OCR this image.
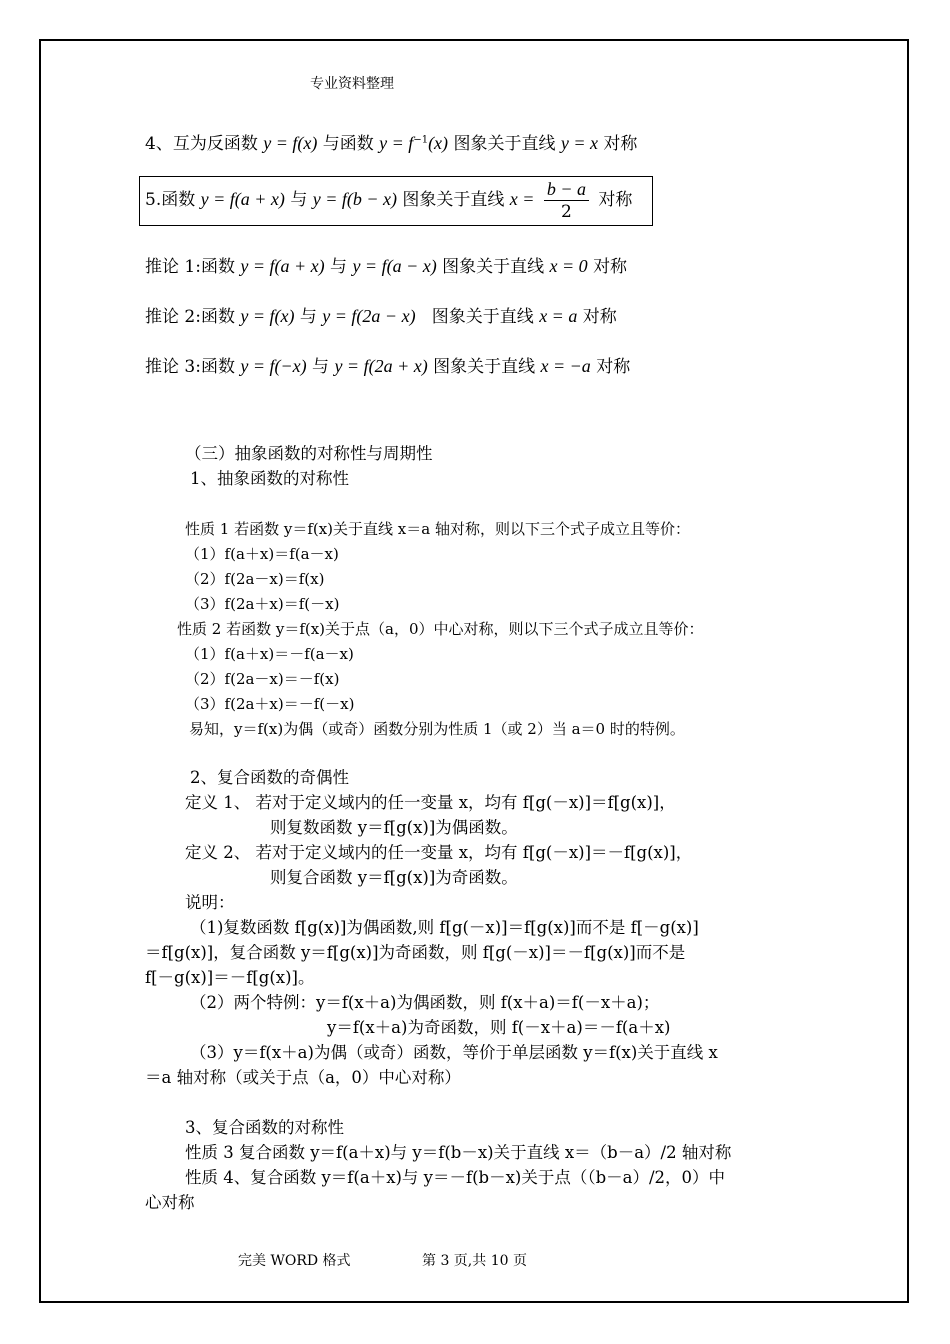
专业资料整理
4、互为反函数 y = f(x) 与函数 $y = f^{-1}(x)$ 图象关于直线 y = x 对称
5.函数 y = f(a + x) 与 y = f(b − x) 图象关于直线 $x = \frac{b - a}{2}$ 对称
推论 1:函数 y = f(a + x) 与 y = f(a − x) 图象关于直线 x = 0 对称
推论 2:函数 y = f(x) 与 y = f(2a − x) 图象关于直线 x = a 对称
推论 3:函数 y = f(−x) 与 y = f(2a + x) 图象关于直线 x = −a 对称
（三）抽象函数的对称性与周期性
1、抽象函数的对称性
性质 1 若函数 y＝f(x)关于直线 x＝a 轴对称，则以下三个式子成立且等价：
（1）f(a＋x)＝f(a－x)
（2）f(2a－x)＝f(x)
（3）f(2a＋x)＝f(－x)
性质 2 若函数 y＝f(x)关于点（a，0）中心对称，则以下三个式子成立且等价：
（1）f(a＋x)＝－f(a－x)
（2）f(2a－x)＝－f(x)
（3）f(2a＋x)＝－f(－x)
易知，y＝f(x)为偶（或奇）函数分别为性质 1（或 2）当 a＝0 时的特例。
2、复合函数的奇偶性
定义 1、 若对于定义域内的任一变量 x，均有 f[g(－x)]＝f[g(x)]，
则复数函数 y＝f[g(x)]为偶函数。
定义 2、 若对于定义域内的任一变量 x，均有 f[g(－x)]＝－f[g(x)]，
则复合函数 y＝f[g(x)]为奇函数。
说明：
（1)复数函数 f[g(x)]为偶函数,则 f[g(－x)]＝f[g(x)]而不是 f[－g(x)]
＝f[g(x)]，复合函数 y＝f[g(x)]为奇函数，则 f[g(－x)]＝－f[g(x)]而不是
f[－g(x)]＝－f[g(x)]。
（2）两个特例：y＝f(x＋a)为偶函数，则 f(x＋a)＝f(－x＋a)；
y＝f(x＋a)为奇函数，则 f(－x＋a)＝－f(a＋x)
（3）y＝f(x＋a)为偶（或奇）函数，等价于单层函数 y＝f(x)关于直线 x
＝a 轴对称（或关于点（a，0）中心对称）
3、复合函数的对称性
性质 3 复合函数 y＝f(a＋x)与 y＝f(b－x)关于直线 x＝（b－a）/2 轴对称
性质 4、复合函数 y＝f(a＋x)与 y＝－f(b－x)关于点（（b－a）/2，0）中
心对称
完美 WORD 格式	第 3 页,共 10 页
